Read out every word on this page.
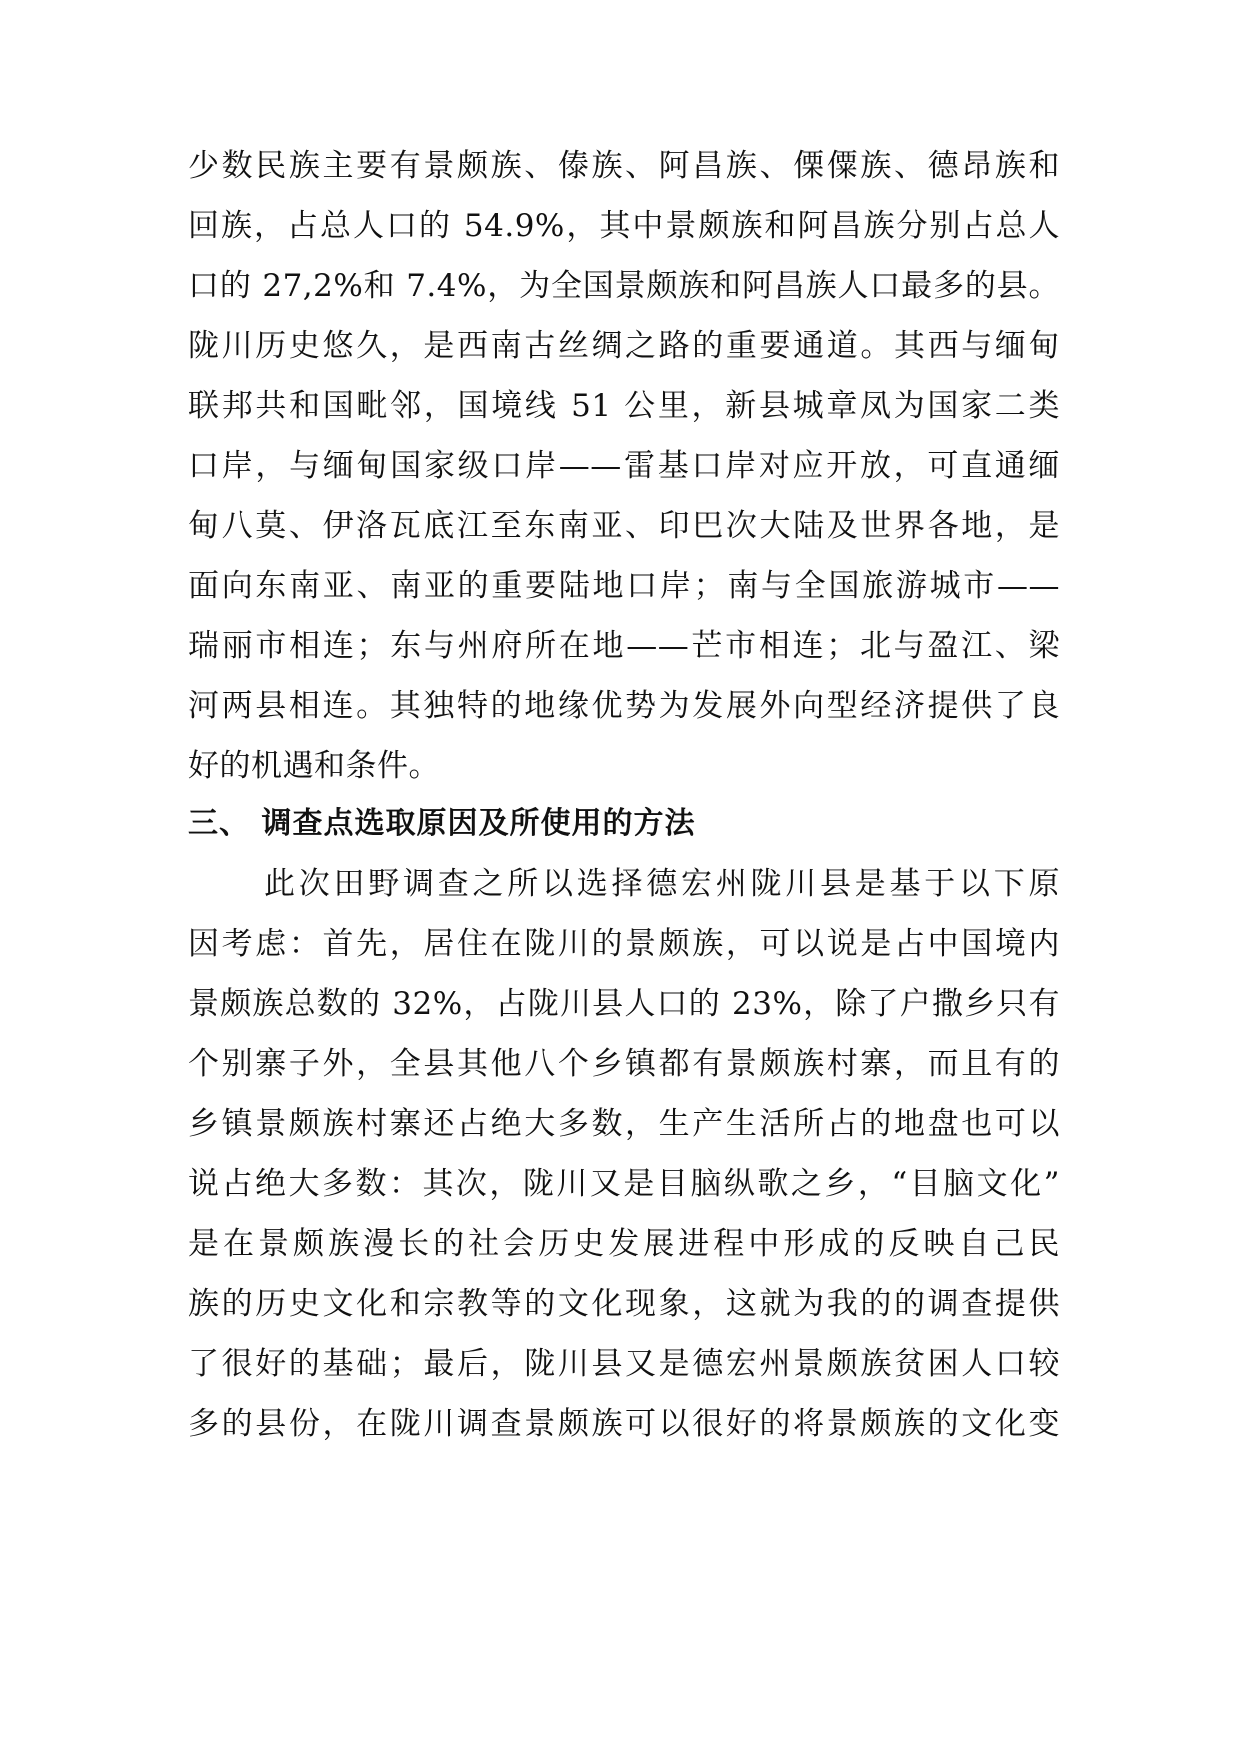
少数民族主要有景颇族、傣族、阿昌族、傈僳族、德昂族和
回族，占总人口的 54.9%，其中景颇族和阿昌族分别占总人
口的 27,2%和 7.4%，为全国景颇族和阿昌族人口最多的县。
陇川历史悠久，是西南古丝绸之路的重要通道。其西与缅甸
联邦共和国毗邻，国境线 51 公里，新县城章凤为国家二类
口岸，与缅甸国家级口岸——雷基口岸对应开放，可直通缅
甸八莫、伊洛瓦底江至东南亚、印巴次大陆及世界各地，是
面向东南亚、南亚的重要陆地口岸；南与全国旅游城市——
瑞丽市相连；东与州府所在地——芒市相连；北与盈江、梁
河两县相连。其独特的地缘优势为发展外向型经济提供了良
好的机遇和条件。
三、 调查点选取原因及所使用的方法
此次田野调查之所以选择德宏州陇川县是基于以下原
因考虑：首先，居住在陇川的景颇族，可以说是占中国境内
景颇族总数的 32%，占陇川县人口的 23%，除了户撒乡只有
个别寨子外，全县其他八个乡镇都有景颇族村寨，而且有的
乡镇景颇族村寨还占绝大多数，生产生活所占的地盘也可以
说占绝大多数：其次，陇川又是目脑纵歌之乡，“目脑文化”
是在景颇族漫长的社会历史发展进程中形成的反映自己民
族的历史文化和宗教等的文化现象，这就为我的的调查提供
了很好的基础；最后，陇川县又是德宏州景颇族贫困人口较
多的县份，在陇川调查景颇族可以很好的将景颇族的文化变
